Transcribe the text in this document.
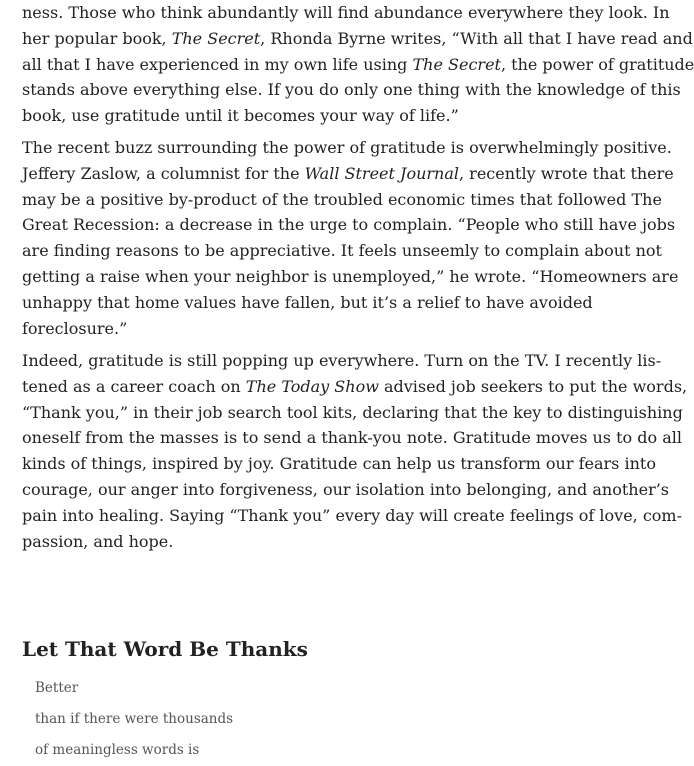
ness. Those who think abundantly will find abundance everywhere they look. In
her popular book, The Secret, Rhonda Byrne writes, “With all that I have read and
all that I have experienced in my own life using The Secret, the power of gratitude
stands above everything else. If you do only one thing with the knowledge of this
book, use gratitude until it becomes your way of life.”

The recent buzz surrounding the power of gratitude is overwhelmingly positive.
Jeffery Zaslow, a columnist for the Wall Street Journal, recently wrote that there
may be a positive by-product of the troubled economic times that followed The
Great Recession: a decrease in the urge to complain. “People who still have jobs
are finding reasons to be appreciative. It feels unseemly to complain about not
getting a raise when your neighbor is unemployed,” he wrote. “Homeowners are
unhappy that home values have fallen, but it’s a relief to have avoided
foreclosure.”

Indeed, gratitude is still popping up everywhere. Turn on the TV. I recently lis-
tened as a career coach on The Today Show advised job seekers to put the words,
“Thank you,” in their job search tool kits, declaring that the key to distinguishing
oneself from the masses is to send a thank-you note. Gratitude moves us to do all
kinds of things, inspired by joy. Gratitude can help us transform our fears into
courage, our anger into forgiveness, our isolation into belonging, and another’s
pain into healing. Saying “Thank you” every day will create feelings of love, com-
passion, and hope.

Let That Word Be Thanks

Better

than if there were thousands

of meaningless words is
